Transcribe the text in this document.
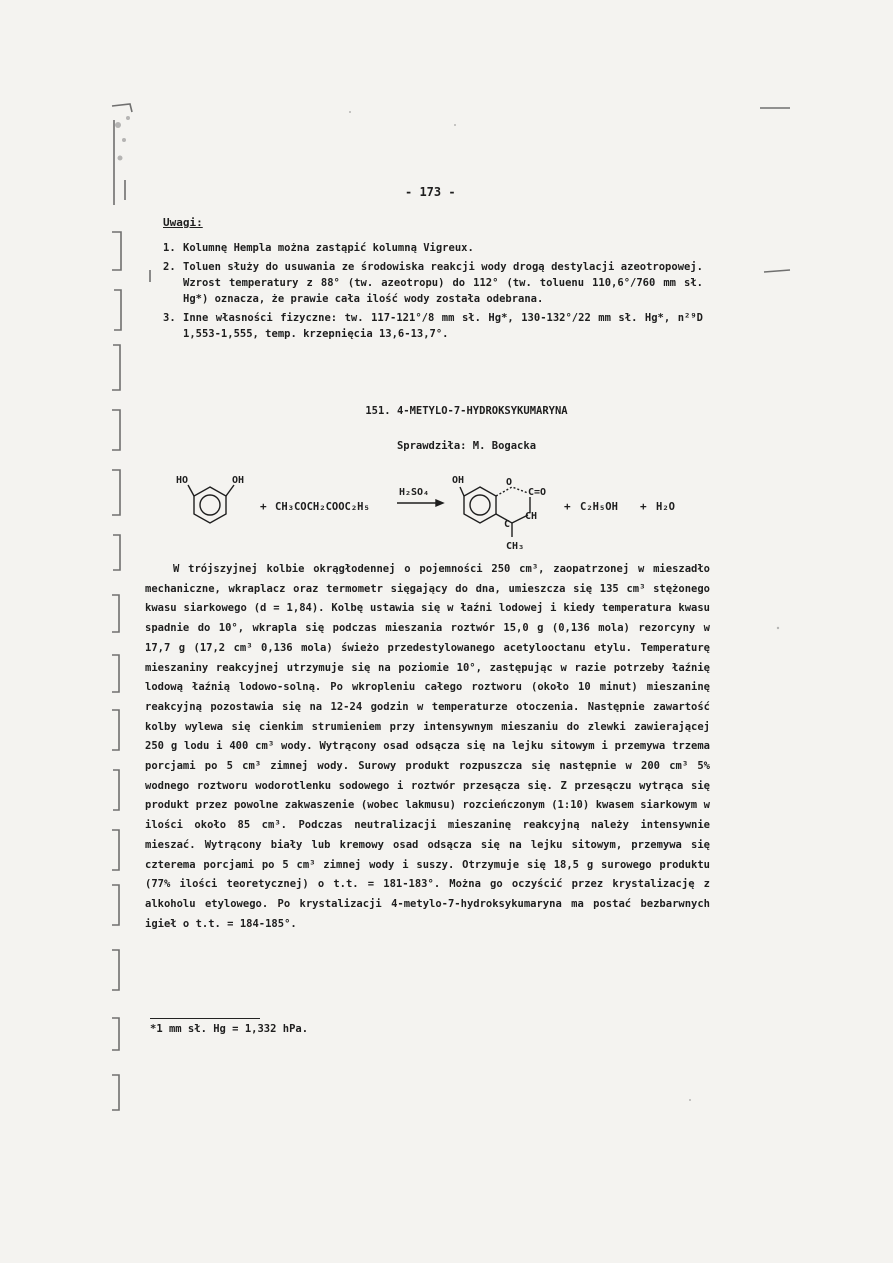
- 173 -
Uwagi:
1. Kolumnę Hempla można zastąpić kolumną Vigreux.
2. Toluen służy do usuwania ze środowiska reakcji wody drogą destylacji azeotropowej. Wzrost temperatury z 88° (tw. azeotropu) do 112° (tw. toluenu 110,6°/760 mm sł. Hg*) oznacza, że prawie cała ilość wody została odebrana.
3. Inne własności fizyczne: tw. 117-121°/8 mm sł. Hg*, 130-132°/22 mm sł. Hg*, n²⁹D 1,553-1,555, temp. krzepnięcia 13,6-13,7°.
151. 4-METYLO-7-HYDROKSYKUMARYNA
Sprawdziła: M. Bogacka
HO	OH
+ CH₃COCH₂COOC₂H₅
H₂SO₄
OH	O
C=O
CH
C
CH₃
+ C₂H₅OH + H₂O

W trójszyjnej kolbie okrągłodennej o pojemności 250 cm³, zaopatrzonej w mieszadło mechaniczne, wkraplacz oraz termometr sięgający do dna, umieszcza się 135 cm³ stężonego kwasu siarkowego (d = 1,84). Kolbę ustawia się w łaźni lodowej i kiedy temperatura kwasu spadnie do 10°, wkrapla się podczas mieszania roztwór 15,0 g (0,136 mola) rezorcyny w 17,7 g (17,2 cm³ 0,136 mola) świeżo przedestylowanego acetylooctanu etylu. Temperaturę mieszaniny reakcyjnej utrzymuje się na poziomie 10°, zastępując w razie potrzeby łaźnię lodową łaźnią lodowo-solną. Po wkropleniu całego roztworu (około 10 minut) mieszaninę reakcyjną pozostawia się na 12-24 godzin w temperaturze otoczenia. Następnie zawartość kolby wylewa się cienkim strumieniem przy intensywnym mieszaniu do zlewki zawierającej 250 g lodu i 400 cm³ wody. Wytrącony osad odsącza się na lejku sitowym i przemywa trzema porcjami po 5 cm³ zimnej wody. Surowy produkt rozpuszcza się następnie w 200 cm³ 5% wodnego roztworu wodorotlenku sodowego i roztwór przesącza się. Z przesączu wytrąca się produkt przez powolne zakwaszenie (wobec lakmusu) rozcieńczonym (1:10) kwasem siarkowym w ilości około 85 cm³. Podczas neutralizacji mieszaninę reakcyjną należy intensywnie mieszać. Wytrącony biały lub kremowy osad odsącza się na lejku sitowym, przemywa się czterema porcjami po 5 cm³ zimnej wody i suszy. Otrzymuje się 18,5 g surowego produktu (77% ilości teoretycznej) o t.t. = 181-183°. Można go oczyścić przez krystalizację z alkoholu etylowego. Po krystalizacji 4-metylo-7-hydroksykumaryna ma postać bezbarwnych igieł o t.t. = 184-185°.

*1 mm sł. Hg = 1,332 hPa.
